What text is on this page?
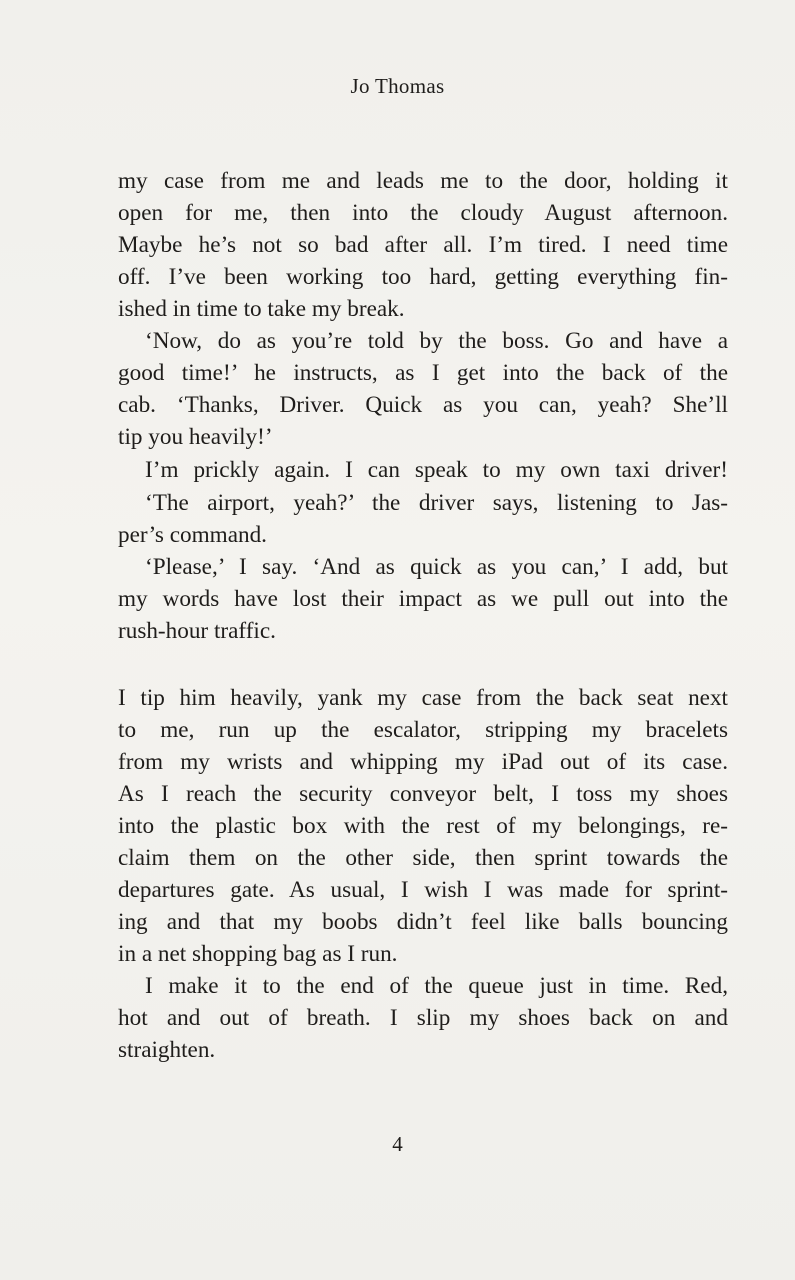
Jo Thomas
my case from me and leads me to the door, holding it
open for me, then into the cloudy August afternoon.
Maybe he’s not so bad after all. I’m tired. I need time
off. I’ve been working too hard, getting everything fin-
ished in time to take my break.
‘Now, do as you’re told by the boss. Go and have a
good time!’ he instructs, as I get into the back of the
cab. ‘Thanks, Driver. Quick as you can, yeah? She’ll
tip you heavily!’
I’m prickly again. I can speak to my own taxi driver!
‘The airport, yeah?’ the driver says, listening to Jas-
per’s command.
‘Please,’ I say. ‘And as quick as you can,’ I add, but
my words have lost their impact as we pull out into the
rush-hour traffic.
I tip him heavily, yank my case from the back seat next
to me, run up the escalator, stripping my bracelets
from my wrists and whipping my iPad out of its case.
As I reach the security conveyor belt, I toss my shoes
into the plastic box with the rest of my belongings, re-
claim them on the other side, then sprint towards the
departures gate. As usual, I wish I was made for sprint-
ing and that my boobs didn’t feel like balls bouncing
in a net shopping bag as I run.
I make it to the end of the queue just in time. Red,
hot and out of breath. I slip my shoes back on and
straighten.
4
